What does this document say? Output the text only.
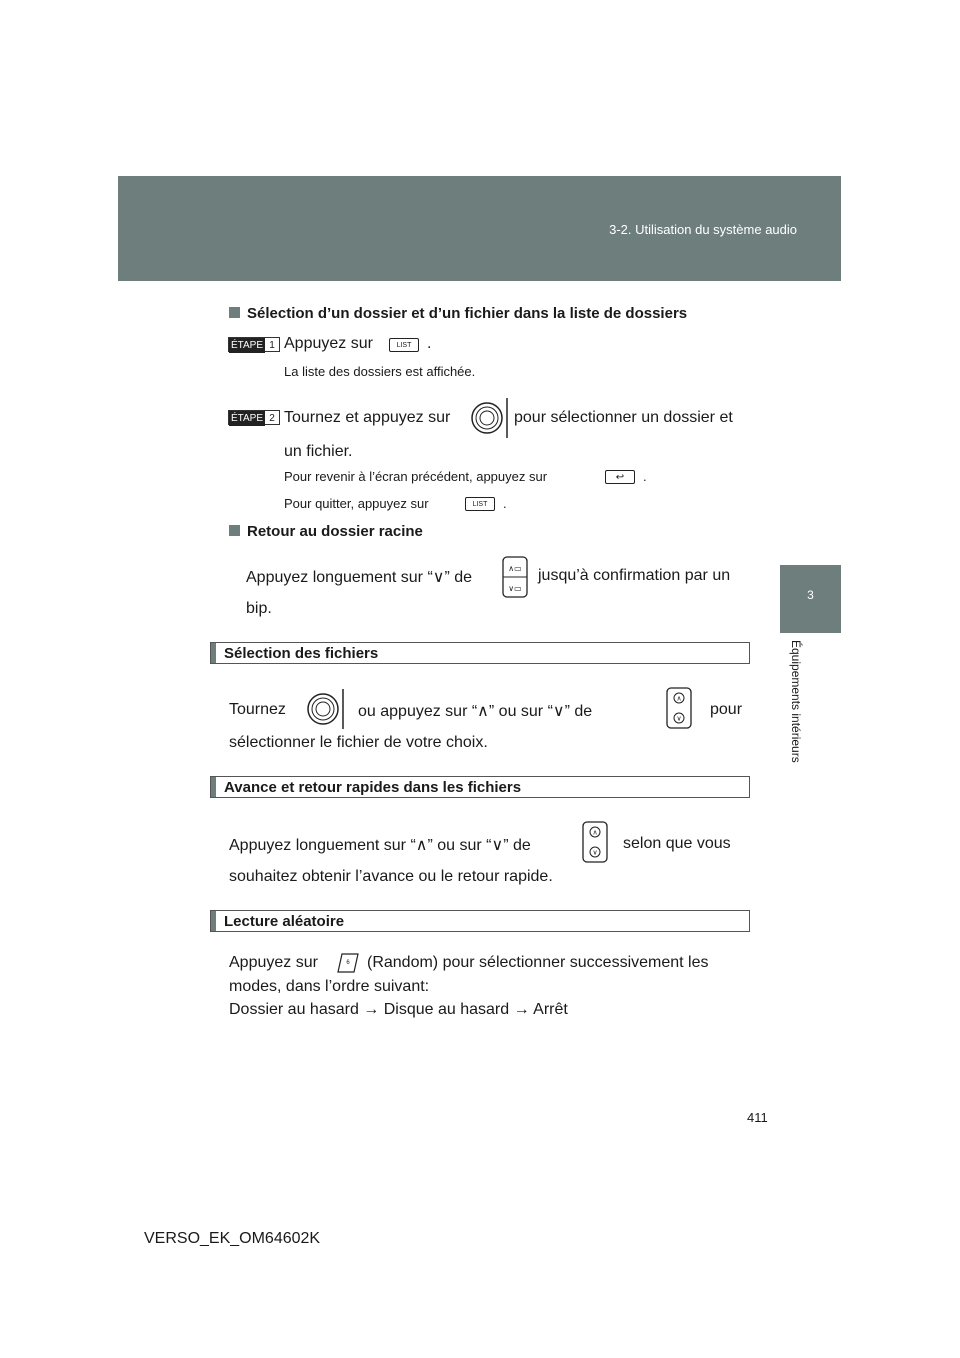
3-2. Utilisation du système audio
3
Équipements intérieurs
Sélection d’un dossier et d’un fichier dans la liste de dossiers
ÉTAPE 1 Appuyez sur	LIST .
La liste des dossiers est affichée.
ÉTAPE 2 Tournez et appuyez sur	pour sélectionner un dossier et
un fichier.
Pour revenir à l’écran précédent, appuyez sur	↩	.
Pour quitter, appuyez sur	LIST	.
Retour au dossier racine
Appuyez longuement sur “∨” de
∧▭
∨▭
jusqu’à confirmation par un
bip.
Sélection des fichiers
Tournez	ou appuyez sur “∧” ou sur “∨” de
∧
∨
pour
sélectionner le fichier de votre choix.
Avance et retour rapides dans les fichiers
Appuyez longuement sur “∧” ou sur “∨” de
∧
∨
selon que vous
souhaitez obtenir l’avance ou le retour rapide.
Lecture aléatoire
Appuyez sur	6 (Random) pour sélectionner successivement les
modes, dans l’ordre suivant:
Dossier au hasard → Disque au hasard → Arrêt
411
VERSO_EK_OM64602K
